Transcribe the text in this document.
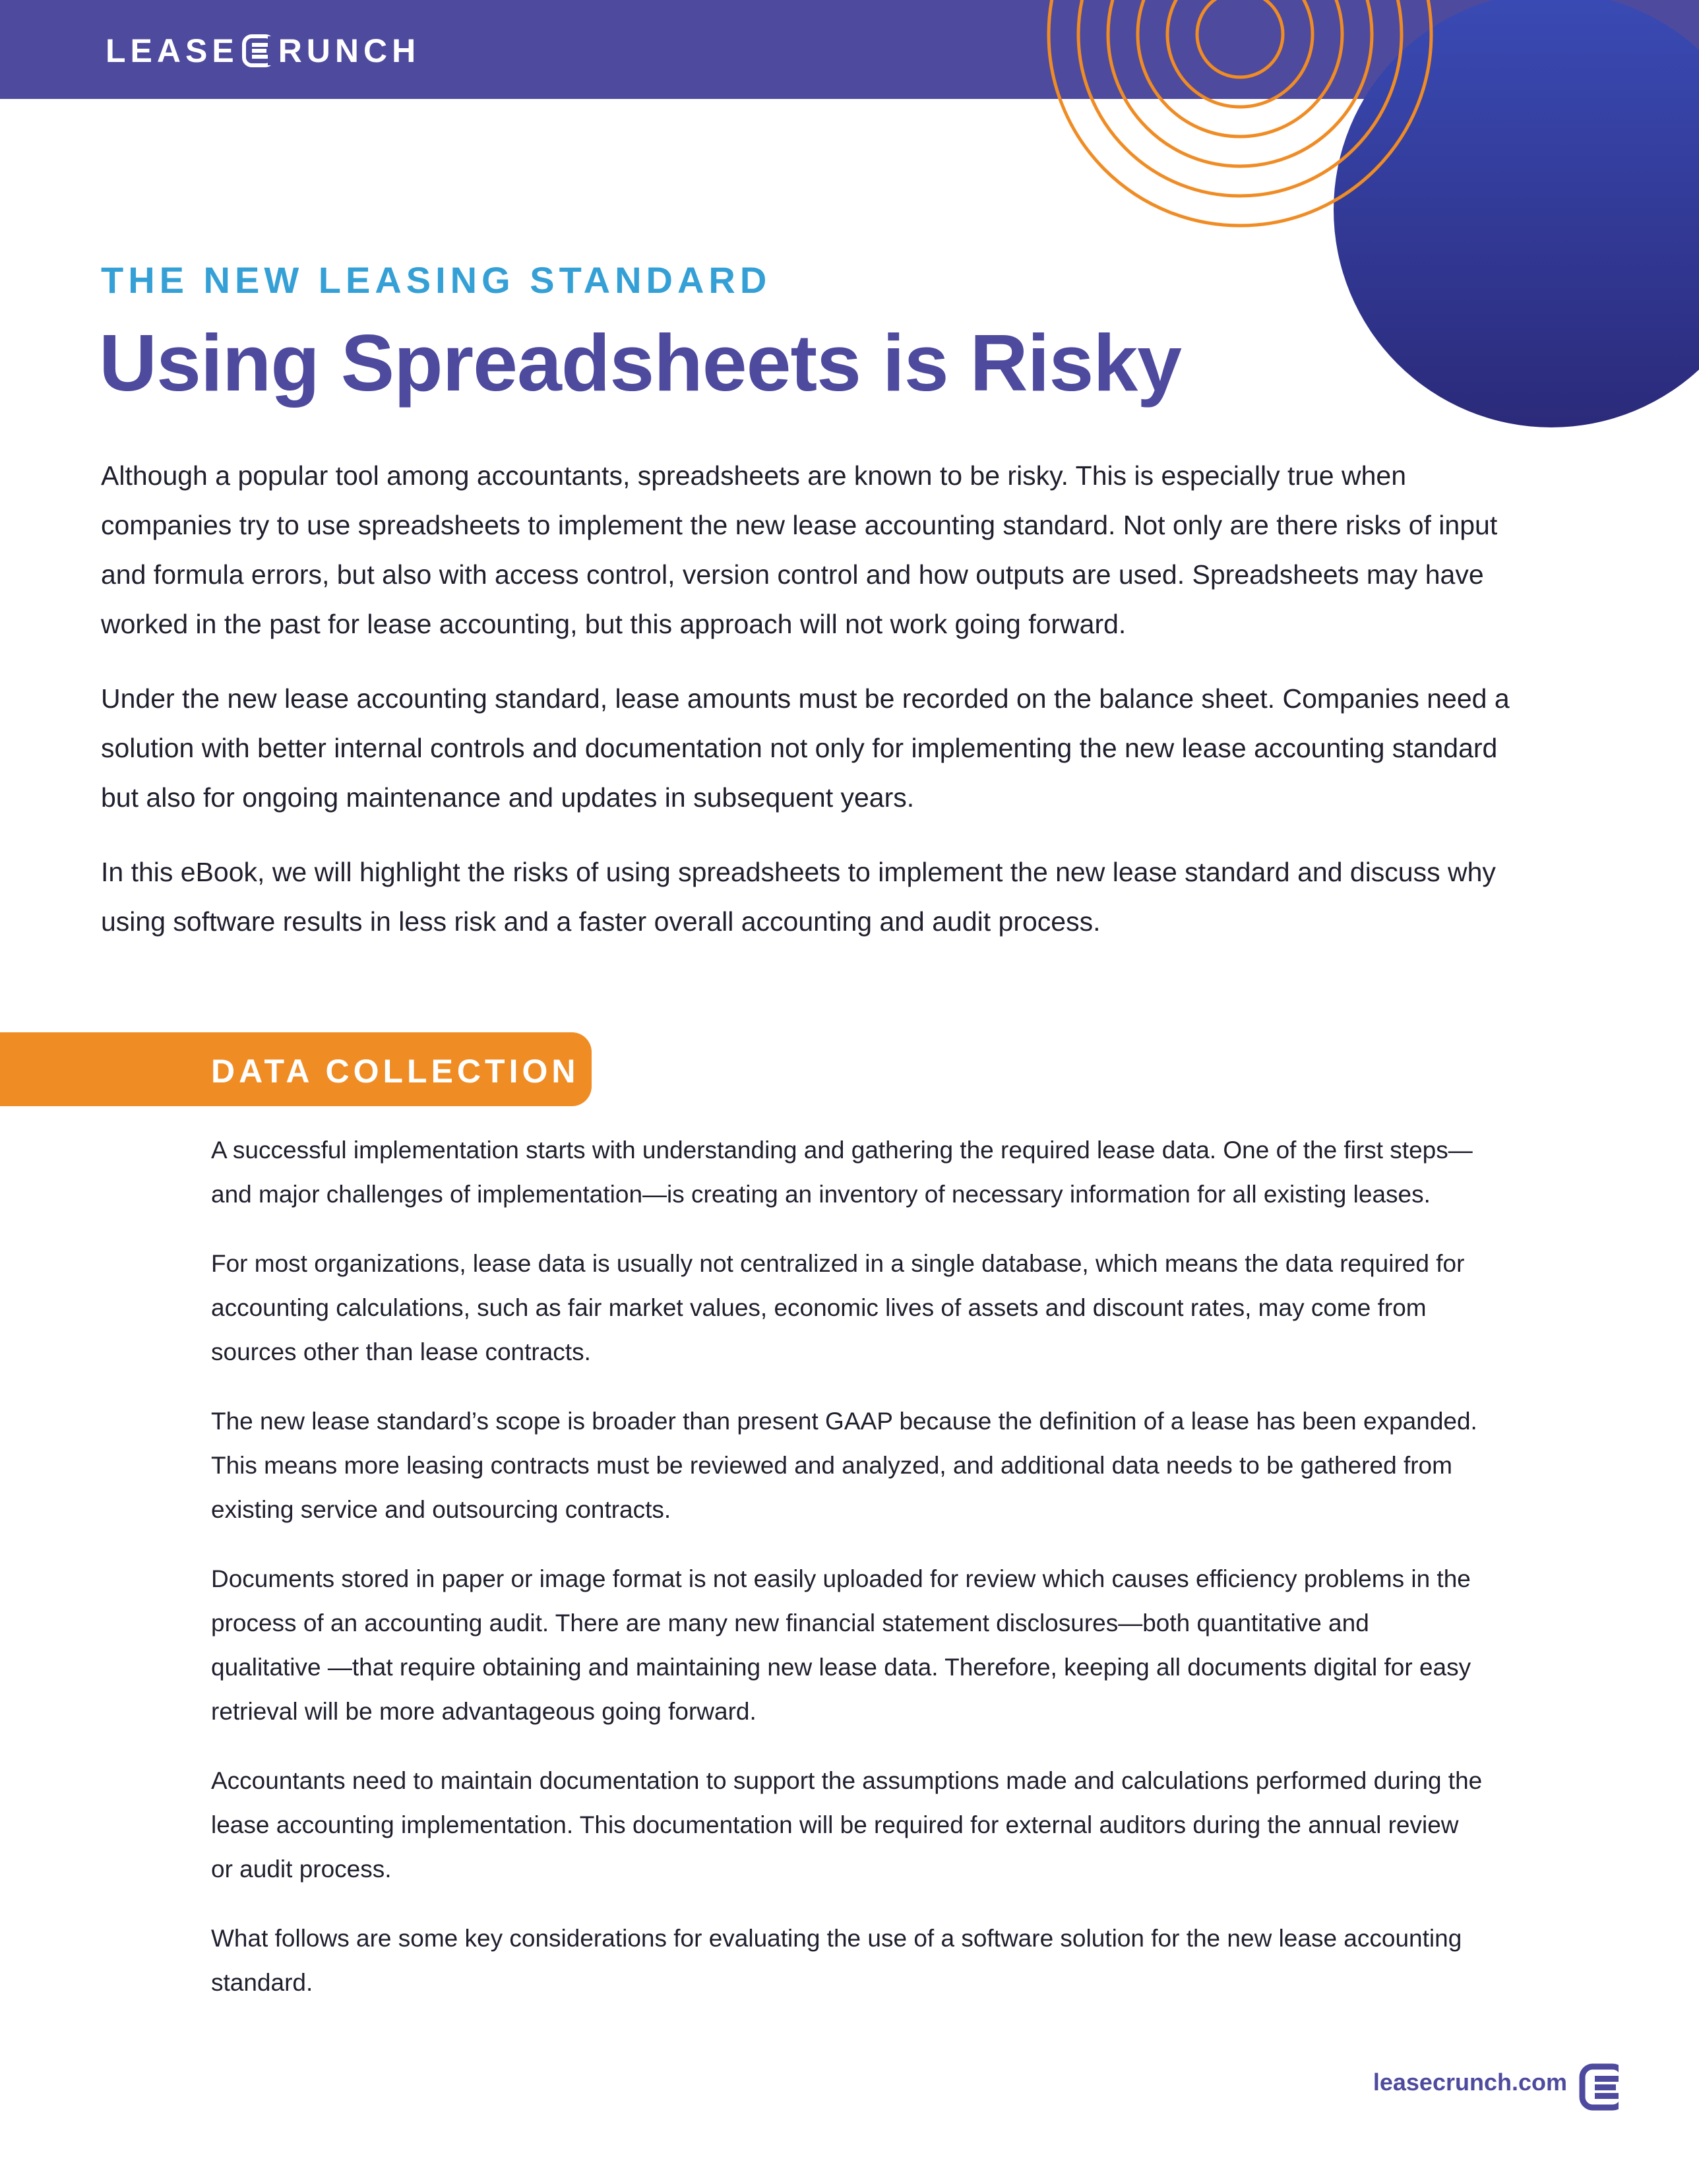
LEASE RUNCH
THE NEW LEASING STANDARD
Using Spreadsheets is Risky

Although a popular tool among accountants, spreadsheets are known to be risky. This is especially true when companies try to use spreadsheets to implement the new lease accounting standard. Not only are there risks of input and formula errors, but also with access control, version control and how outputs are used. Spreadsheets may have worked in the past for lease accounting, but this approach will not work going forward.

Under the new lease accounting standard, lease amounts must be recorded on the balance sheet. Companies need a solution with better internal controls and documentation not only for implementing the new lease accounting standard but also for ongoing maintenance and updates in subsequent years.

In this eBook, we will highlight the risks of using spreadsheets to implement the new lease standard and discuss why using software results in less risk and a faster overall accounting and audit process.

DATA COLLECTION

A successful implementation starts with understanding and gathering the required lease data. One of the first steps—and major challenges of implementation—is creating an inventory of necessary information for all existing leases.

For most organizations, lease data is usually not centralized in a single database, which means the data required for accounting calculations, such as fair market values, economic lives of assets and discount rates, may come from sources other than lease contracts.

The new lease standard’s scope is broader than present GAAP because the definition of a lease has been expanded. This means more leasing contracts must be reviewed and analyzed, and additional data needs to be gathered from existing service and outsourcing contracts.

Documents stored in paper or image format is not easily uploaded for review which causes efficiency problems in the process of an accounting audit. There are many new financial statement disclosures—both quantitative and qualitative —that require obtaining and maintaining new lease data. Therefore, keeping all documents digital for easy retrieval will be more advantageous going forward.

Accountants need to maintain documentation to support the assumptions made and calculations performed during the lease accounting implementation. This documentation will be required for external auditors during the annual review or audit process.

What follows are some key considerations for evaluating the use of a software solution for the new lease accounting standard.

leasecrunch.com
